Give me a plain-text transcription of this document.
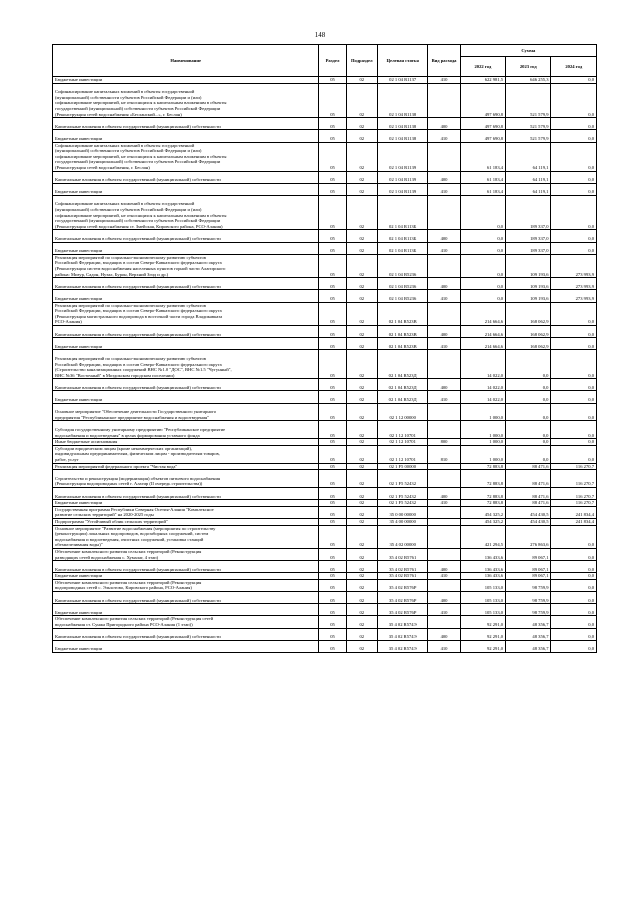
148
Наименование	Раздел	Подраздел	Целевая статья	Вид расхода	Сумма		
					2022 год	2023 год	2024 год

Бюджетные инвестиции	05	02	02 1 04 R1137	410	622 981,5	646 255,3	0,0

Софинансирование капитальных вложений в объекты государственной
(муниципальной) собственности субъектов Российской Федерации и (или)
софинансирование мероприятий, не относящихся к капитальным вложениям в объекты
государственной (муниципальной) собственности субъектов Российской Федерации
(Реконструкция сетей водоснабжения «Бесланский...», г. Беслан)	05	02	02 1 04 R1138		497 690,8	521 579,9	0,0

Капитальные вложения в объекты государственной (муниципальной) собственности	05	02	02 1 04 R1138	400	497 690,8	521 579,9	0,0

Бюджетные инвестиции	05	02	02 1 04 R1138	410	497 690,8	521 579,9	0,0

Софинансирование капитальных вложений в объекты государственной
(муниципальной) собственности субъектов Российской Федерации и (или)
софинансирование мероприятий, не относящихся к капитальным вложениям в объекты
государственной (муниципальной) собственности субъектов Российской Федерации
(Реконструкция сетей водоснабжения, г. Беслан)	05	02	02 1 04 R1139		61 183,4	64 119,1	0,0

Капитальные вложения в объекты государственной (муниципальной) собственности	05	02	02 1 04 R1139	400	61 183,4	64 119,1	0,0

Бюджетные инвестиции	05	02	02 1 04 R1139	410	61 183,4	64 119,1	0,0

Софинансирование капитальных вложений в объекты государственной
(муниципальной) собственности субъектов Российской Федерации и (или)
софинансирование мероприятий, не относящихся к капитальным вложениям в объекты
государственной (муниципальной) собственности субъектов Российской Федерации
(Реконструкция сетей водоснабжения ст. Змейская, Кировского района, РСО-Алания)	05	02	02 1 04 R113Б		0,0	189 337,0	0,0

Капитальные вложения в объекты государственной (муниципальной) собственности	05	02	02 1 04 R113Б	400	0,0	189 337,0	0,0

Бюджетные инвестиции	05	02	02 1 04 R113Б	410	0,0	189 337,0	0,0

Реализация мероприятий по социально-экономическому развитию субъектов
Российской Федерации, входящих в состав Северо-Кавказского федерального округа
(Реконструкция систем водоснабжения населенных пунктов горной части Алагирского
района: Мизур, Садон, Нузал, Бурон, Верхний Згид и др.)	05	02	02 1 04 R5236		0,0	109 193,6	273 993,9

Капитальные вложения в объекты государственной (муниципальной) собственности	05	02	02 1 04 R5236	400	0,0	109 193,6	273 993,9

Бюджетные инвестиции	05	02	02 1 04 R5236	410	0,0	109 193,6	273 993,9

Реализация мероприятий по социально-экономическому развитию субъектов
Российской Федерации, входящих в состав Северо-Кавказского федерального округа
(Реконструкция магистрального водопровода в восточной части города Владикавказа
РСО-Алания)	05	02	02 1 04 R523В		214 664,6	168 062,9	0,0

Капитальные вложения в объекты государственной (муниципальной) собственности	05	02	02 1 04 R523В	400	214 664,6	168 062,9	0,0

Бюджетные инвестиции	05	02	02 1 04 R523В	410	214 664,6	168 062,9	0,0

Реализация мероприятий по социально-экономическому развитию субъектов
Российской Федерации, входящих в состав Северо-Кавказского федерального округа
(Строительство канализационных сооружений ВНС №1.0 "ДОС", ВНС №1.5 "Чугунный",
ВНС №36 "Восточный" в Моздокском городском поселении)	05	02	02 1 04 R523Д		14 022,0	0,0	0,0

Капитальные вложения в объекты государственной (муниципальной) собственности	05	02	02 1 04 R523Д	400	14 022,0	0,0	0,0

Бюджетные инвестиции	05	02	02 1 04 R523Д	410	14 022,0	0,0	0,0

Основное мероприятие "Обеспечение деятельности Государственного унитарного
предприятия "Республиканское предприятие водоснабжения и водоотведения"	05	02	02 1 12 00000		1 000,0	0,0	0,0

Субсидия государственному унитарному предприятию "Республиканское предприятие
водоснабжения и водоотведения" в целях формирования уставного фонда	05	02	02 1 12 10701		1 000,0	0,0	0,0

Иные бюджетные ассигнования	05	02	02 1 12 10701	800	1 000,0	0,0	0,0

Субсидии юридическим лицам (кроме некоммерческих организаций),
индивидуальным предпринимателям, физическим лицам - производителям товаров,
работ, услуг	05	02	02 1 12 10701	810	1 000,0	0,0	0,0

Реализация мероприятий федерального проекта "Чистая вода"	05	02	02 1 F5 00000		72 883,8	88 471,6	116 270,7

Строительство и реконструкция (модернизация) объектов питьевого водоснабжения
(Реконструкция водопроводных сетей г. Алагир (II очередь строительства))	05	02	02 1 F5 52432		72 883,8	88 471,6	116 270,7

Капитальные вложения в объекты государственной (муниципальной) собственности	05	02	02 1 F5 52432	400	72 883,8	88 471,6	116 270,7

Бюджетные инвестиции	05	02	02 1 F5 52432	410	72 883,8	88 471,6	116 270,7

Государственная программа Республики Северная Осетия-Алания "Комплексное
развитие сельских территорий" на 2020-2025 годы	05	02	35 0 00 00000		454 325,2	454 430,5	241 834,4

Подпрограмма "Устойчивый облик сельских территорий"	05	02	35 4 00 00000		454 325,2	454 430,5	241 834,4

Основное мероприятие "Развитие водоснабжения (мероприятия по строительству
(реконструкции) локальных водопроводов, водозаборных сооружений, систем
водоснабжения и водоотведения, очистных сооружений, установка станций
обезжелезивания воды)"	05	02	35 4 02 00000		421 294,5	276 863,6	0,0

Обеспечение комплексного развития сельских территорий (Реконструкция
разводящих сетей водоснабжения с. Хумалаг, 4 этап)	05	02	35 4 02 R5761		136 433,6	89 067,1	0,0

Капитальные вложения в объекты государственной (муниципальной) собственности	05	02	35 4 02 R5761	400	136 433,6	89 067,1	0,0

Бюджетные инвестиции	05	02	35 4 02 R5761	410	136 433,6	89 067,1	0,0

Обеспечение комплексного развития сельских территорий (Реконструкция
водопроводных сетей с. Эльхотово, Кировского района, РСО-Алания)	05	02	35 4 02 R576Р		105 133,0	98 759,9	0,0

Капитальные вложения в объекты государственной (муниципальной) собственности	05	02	35 4 02 R576Р	400	105 133,0	98 759,9	0,0

Бюджетные инвестиции	05	02	35 4 02 R576Р	410	105 133,0	98 759,9	0,0

Обеспечение комплексного развития сельских территорий (Реконструкция сетей
водоснабжения ст. Сунжа Пригородного района РСО-Алания (1 этап))	05	02	35 4 02 R574Э		92 291,0	48 356,7	0,0

Капитальные вложения в объекты государственной (муниципальной) собственности	05	02	35 4 02 R574Э	400	92 291,0	48 356,7	0,0

Бюджетные инвестиции	05	02	35 4 02 R574Э	410	92 291,0	48 356,7	0,0
